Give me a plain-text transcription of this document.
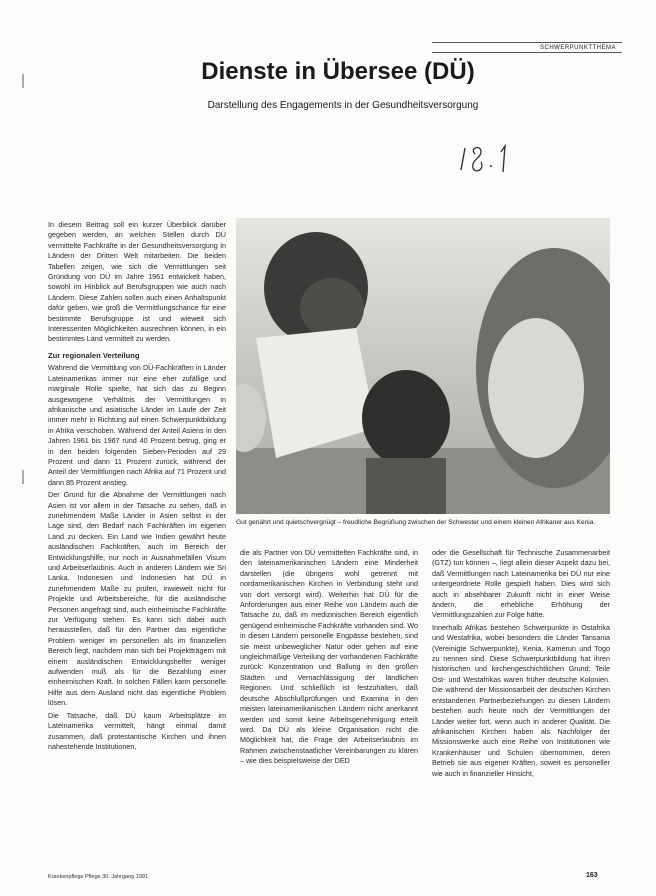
SCHWERPUNKTTHEMA
Dienste in Übersee (DÜ)
Darstellung des Engagements in der Gesundheitsversorgung

In diesem Beitrag soll ein kurzer Überblick darüber gegeben werden, an welchen Stellen durch DÜ vermittelte Fachkräfte in der Gesundheitsversorgung in Ländern der Dritten Welt mitarbeiten. Die beiden Tabellen zeigen, wie sich die Vermittlungen seit Gründung von DÜ im Jahre 1961 entwickelt haben, sowohl im Hinblick auf Berufsgruppen wie auch nach Ländern. Diese Zahlen sollen auch einen Anhaltspunkt dafür geben, wie groß die Vermittlungschance für eine bestimmte Berufsgruppe ist und wieweit sich Interessenten Möglichkeiten ausrechnen können, in ein bestimmtes Land vermittelt zu werden.

Zur regionalen Verteilung

Während die Vermittlung von DÜ-Fachkräften in Länder Lateinamerikas immer nur eine eher zufällige und marginale Rolle spielte, hat sich das zu Beginn ausgewogene Verhältnis der Vermittlungen in afrikanische und asiatische Länder im Laufe der Zeit immer mehr in Richtung auf einen Schwerpunktbildung in Afrika verschoben. Während der Anteil Asiens in den Jahren 1961 bis 1967 rund 40 Prozent betrug, ging er in den beiden folgenden Sieben-Perioden auf 29 Prozent und dann 11 Prozent zurück, während der Anteil der Vermittlungen nach Afrika auf 71 Prozent und dann 85 Prozent anstieg.

Der Grund für die Abnahme der Vermittlungen nach Asien ist vor allem in der Tatsache zu sehen, daß in zunehmendem Maße Länder in Asien selbst in der Lage sind, den Bedarf nach Fachkräften im eigenen Land zu decken. Ein Land wie Indien gewährt heute ausländischen Fachkräften, auch im Bereich der Entwicklungshilfe, nur noch in Ausnahmefällen Visum und Arbeitserlaubnis. Auch in anderen Ländern wie Sri Lanka, Indonesien und Indonesien hat DÜ in zunehmendem Maße zu prüfen, inwieweit nicht für Projekte und Arbeitsbereiche, für die ausländische Personen angefragt sind, auch einheimische Fachkräfte zur Verfügung stehen. Es kann sich dabei auch herausstellen, daß für den Partner das eigentliche Problem weniger im personellen als im finanziellen Bereich liegt, nachdem man sich bei Projektträgern mit einem ausländischen Entwicklungshelfer weniger aufwenden muß als für die Bezahlung einer einheimischen Kraft. In solchen Fällen kann personelle Hilfe aus dem Ausland nicht das eigentliche Problem lösen.

Die Tatsache, daß DÜ kaum Arbeitsplätze im Lateinamerika vermittelt, hängt einmal damit zusammen, daß protestantische Kirchen und ihnen nahestehende Institutionen,

Gut genährt und quietschvergnügt – freudliche Begrüßung zwischen der Schwester und einem kleinen Afrikaner aus Kenia.

die als Partner von DÜ vermittelten Fachkräfte sind, in den lateinamerikanischen Ländern eine Minderheit darstellen (die übrigens wohl getrennt mit nordamerikanischen Kirchen in Verbindung steht und von dort versorgt wird). Weiterhin hat DÜ für die Anforderungen aus einer Reihe von Ländern auch die Tatsache zu, daß im medizinischen Bereich eigentlich genügend einheimische Fachkräfte vorhanden sind. Wo in diesen Ländern personelle Engpässe bestehen, sind sie meist unbeweglicher Natur oder gehen auf eine ungleichmäßige Verteilung der vorhandenen Fachkräfte zurück: Konzentration und Ballung in den großen Städten und Vernachlässigung der ländlichen Regionen. Und schließlich ist festzuhalten, daß deutsche Abschlußprüfungen und Examina in den meisten lateinamerikanischen Ländern nicht anerkannt werden und somit keine Arbeitsgenehmigung erteilt wird. Da DÜ als kleine Organisation nicht die Möglichkeit hat, die Frage der Arbeitserlaubnis im Rahmen zwischenstaatlicher Vereinbarungen zu klären – wie dies beispielsweise der DED

oder die Gesellschaft für Technische Zusammenarbeit (GTZ) tun können –, liegt allein dieser Aspekt dazu bei, daß Vermittlungen nach Lateinamerika bei DÜ nur eine untergeordnete Rolle gespielt haben. Dies wird sich auch in absehbarer Zukunft nicht in einer Weise ändern, die erhebliche Erhöhung der Vermittlungszahlen zur Folge hätte.

Innerhalb Afrikas bestehen Schwerpunkte in Ostafrika und Westafrika, wobei besonders die Länder Tansania (Vereinigte Schwerpunkte), Kenia, Kamerun und Togo zu nennen sind. Diese Schwerpunktbildung hat ihren historischen und kirchengeschichtlichen Grund: Teile Ost- und Westafrikas waren früher deutsche Kolonien. Die während der Missionsarbeit der deutschen Kirchen entstandenen Partnerbeziehungen zu diesen Ländern bestehen auch heute noch der Vermittlungen der Länder weiter fort, wenn auch in anderer Qualität. Die afrikanischen Kirchen haben als Nachfolger der Missionswerke auch eine Reihe von Institutionen wie Krankenhäuser und Schulen übernommen, deren Betrieb sie aus eigener Kräften, soweit es personeller wie auch in finanzieller Hinsicht,

Krankenpflege Pflege 30. Jahrgang 1991	163
